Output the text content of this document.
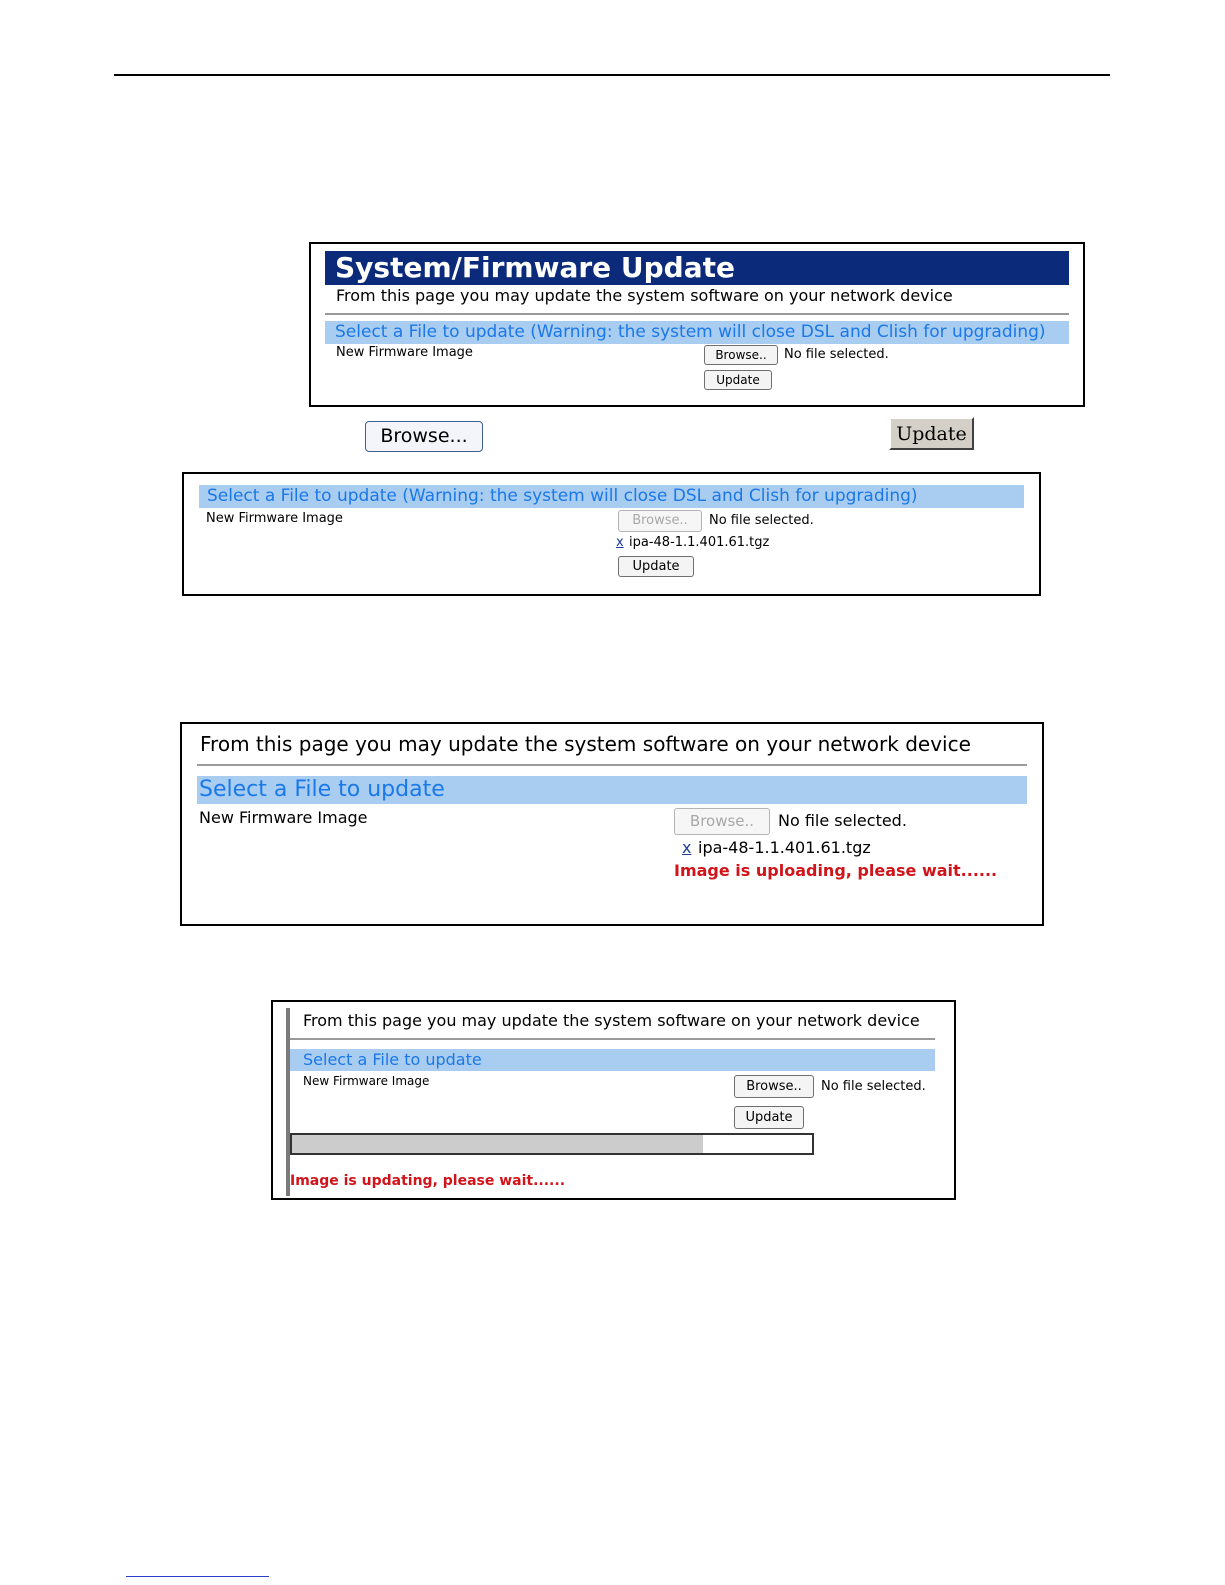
System/Firmware Update
From this page you may update the system software on your network device
Select a File to update (Warning: the system will close DSL and Clish for upgrading)
New Firmware Image	Browse..	No file selected.
Update
Browse...	Update
Select a File to update (Warning: the system will close DSL and Clish for upgrading)
New Firmware Image	Browse..	No file selected.
x ipa-48-1.1.401.61.tgz
Update
From this page you may update the system software on your network device
Select a File to update
New Firmware Image	Browse..	No file selected.
x ipa-48-1.1.401.61.tgz
Image is uploading, please wait......
From this page you may update the system software on your network device
Select a File to update
New Firmware Image	Browse..	No file selected.
Update
Image is updating, please wait......
